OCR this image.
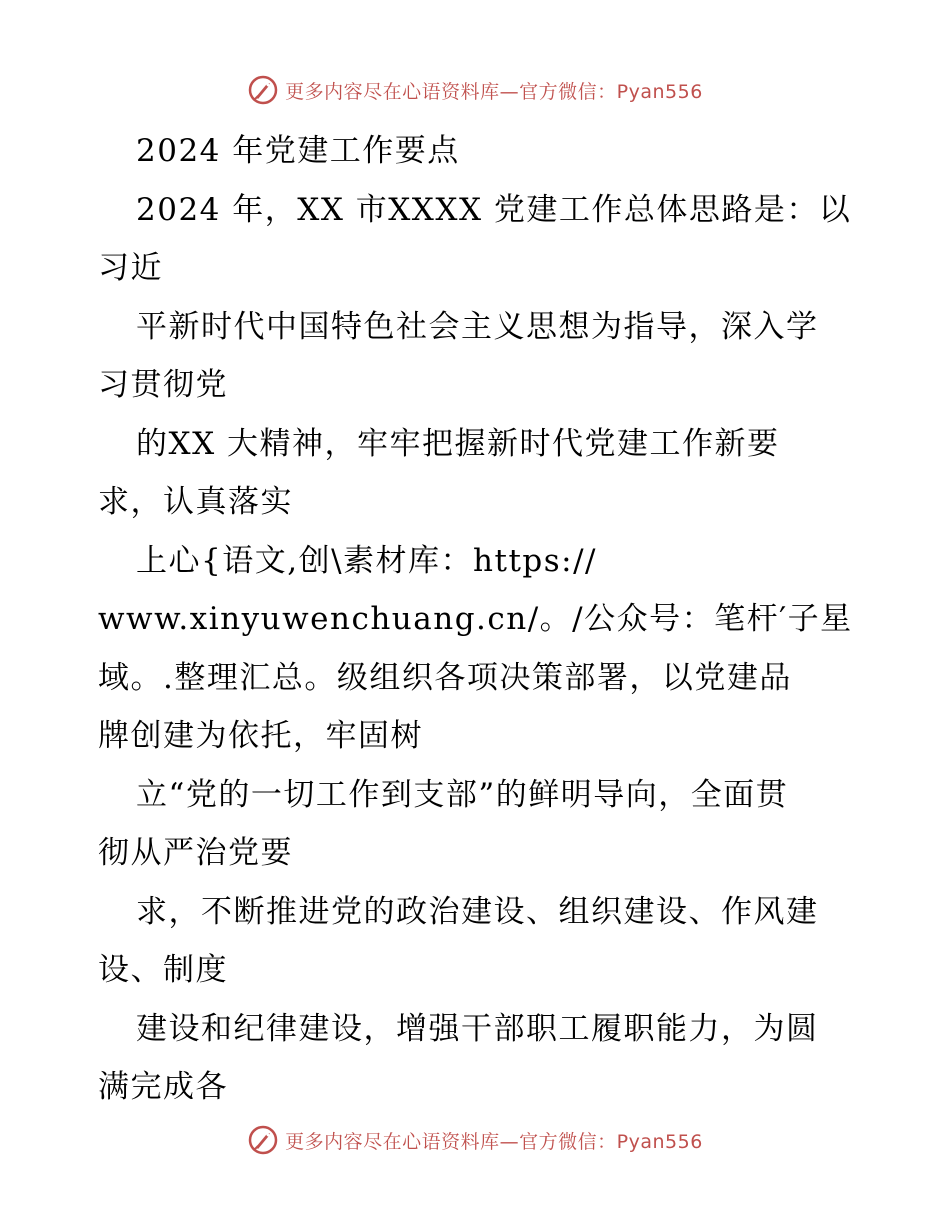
更多内容尽在心语资料库—官方微信：Pyan556
2024 年党建工作要点
2024 年，XX 市XXXX 党建工作总体思路是：以
习近
平新时代中国特色社会主义思想为指导，深入学
习贯彻党
的XX 大精神，牢牢把握新时代党建工作新要
求，认真落实
上心{语文,创\素材库：https://
www.xinyuwenchuang.cn/。/公众号：笔杆′子星
域。.整理汇总。级组织各项决策部署，以党建品
牌创建为依托，牢固树
立“党的一切工作到支部”的鲜明导向，全面贯
彻从严治党要
求，不断推进党的政治建设、组织建设、作风建
设、制度
建设和纪律建设，增强干部职工履职能力，为圆
满完成各
更多内容尽在心语资料库—官方微信：Pyan556
